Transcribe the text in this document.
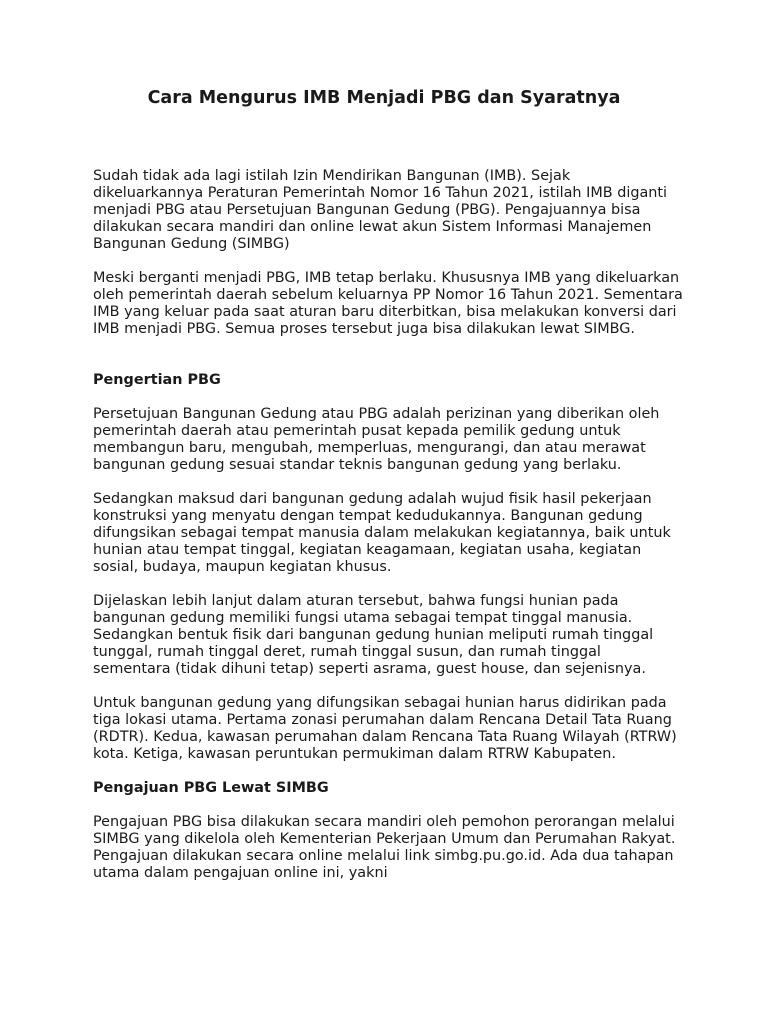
Cara Mengurus IMB Menjadi PBG dan Syaratnya

Sudah tidak ada lagi istilah Izin Mendirikan Bangunan (IMB). Sejak dikeluarkannya Peraturan Pemerintah Nomor 16 Tahun 2021, istilah IMB diganti menjadi PBG atau Persetujuan Bangunan Gedung (PBG). Pengajuannya bisa dilakukan secara mandiri dan online lewat akun Sistem Informasi Manajemen Bangunan Gedung (SIMBG)

Meski berganti menjadi PBG, IMB tetap berlaku. Khususnya IMB yang dikeluarkan oleh pemerintah daerah sebelum keluarnya PP Nomor 16 Tahun 2021. Sementara IMB yang keluar pada saat aturan baru diterbitkan, bisa melakukan konversi dari IMB menjadi PBG. Semua proses tersebut juga bisa dilakukan lewat SIMBG.

Pengertian PBG

Persetujuan Bangunan Gedung atau PBG adalah perizinan yang diberikan oleh pemerintah daerah atau pemerintah pusat kepada pemilik gedung untuk membangun baru, mengubah, memperluas, mengurangi, dan atau merawat bangunan gedung sesuai standar teknis bangunan gedung yang berlaku.

Sedangkan maksud dari bangunan gedung adalah wujud fisik hasil pekerjaan konstruksi yang menyatu dengan tempat kedudukannya. Bangunan gedung difungsikan sebagai tempat manusia dalam melakukan kegiatannya, baik untuk hunian atau tempat tinggal, kegiatan keagamaan, kegiatan usaha, kegiatan sosial, budaya, maupun kegiatan khusus.

Dijelaskan lebih lanjut dalam aturan tersebut, bahwa fungsi hunian pada bangunan gedung memiliki fungsi utama sebagai tempat tinggal manusia. Sedangkan bentuk fisik dari bangunan gedung hunian meliputi rumah tinggal tunggal, rumah tinggal deret, rumah tinggal susun, dan rumah tinggal sementara (tidak dihuni tetap) seperti asrama, guest house, dan sejenisnya.

Untuk bangunan gedung yang difungsikan sebagai hunian harus didirikan pada tiga lokasi utama. Pertama zonasi perumahan dalam Rencana Detail Tata Ruang (RDTR). Kedua, kawasan perumahan dalam Rencana Tata Ruang Wilayah (RTRW) kota. Ketiga, kawasan peruntukan permukiman dalam RTRW Kabupaten.

Pengajuan PBG Lewat SIMBG

Pengajuan PBG bisa dilakukan secara mandiri oleh pemohon perorangan melalui SIMBG yang dikelola oleh Kementerian Pekerjaan Umum dan Perumahan Rakyat. Pengajuan dilakukan secara online melalui link simbg.pu.go.id. Ada dua tahapan utama dalam pengajuan online ini, yakni
